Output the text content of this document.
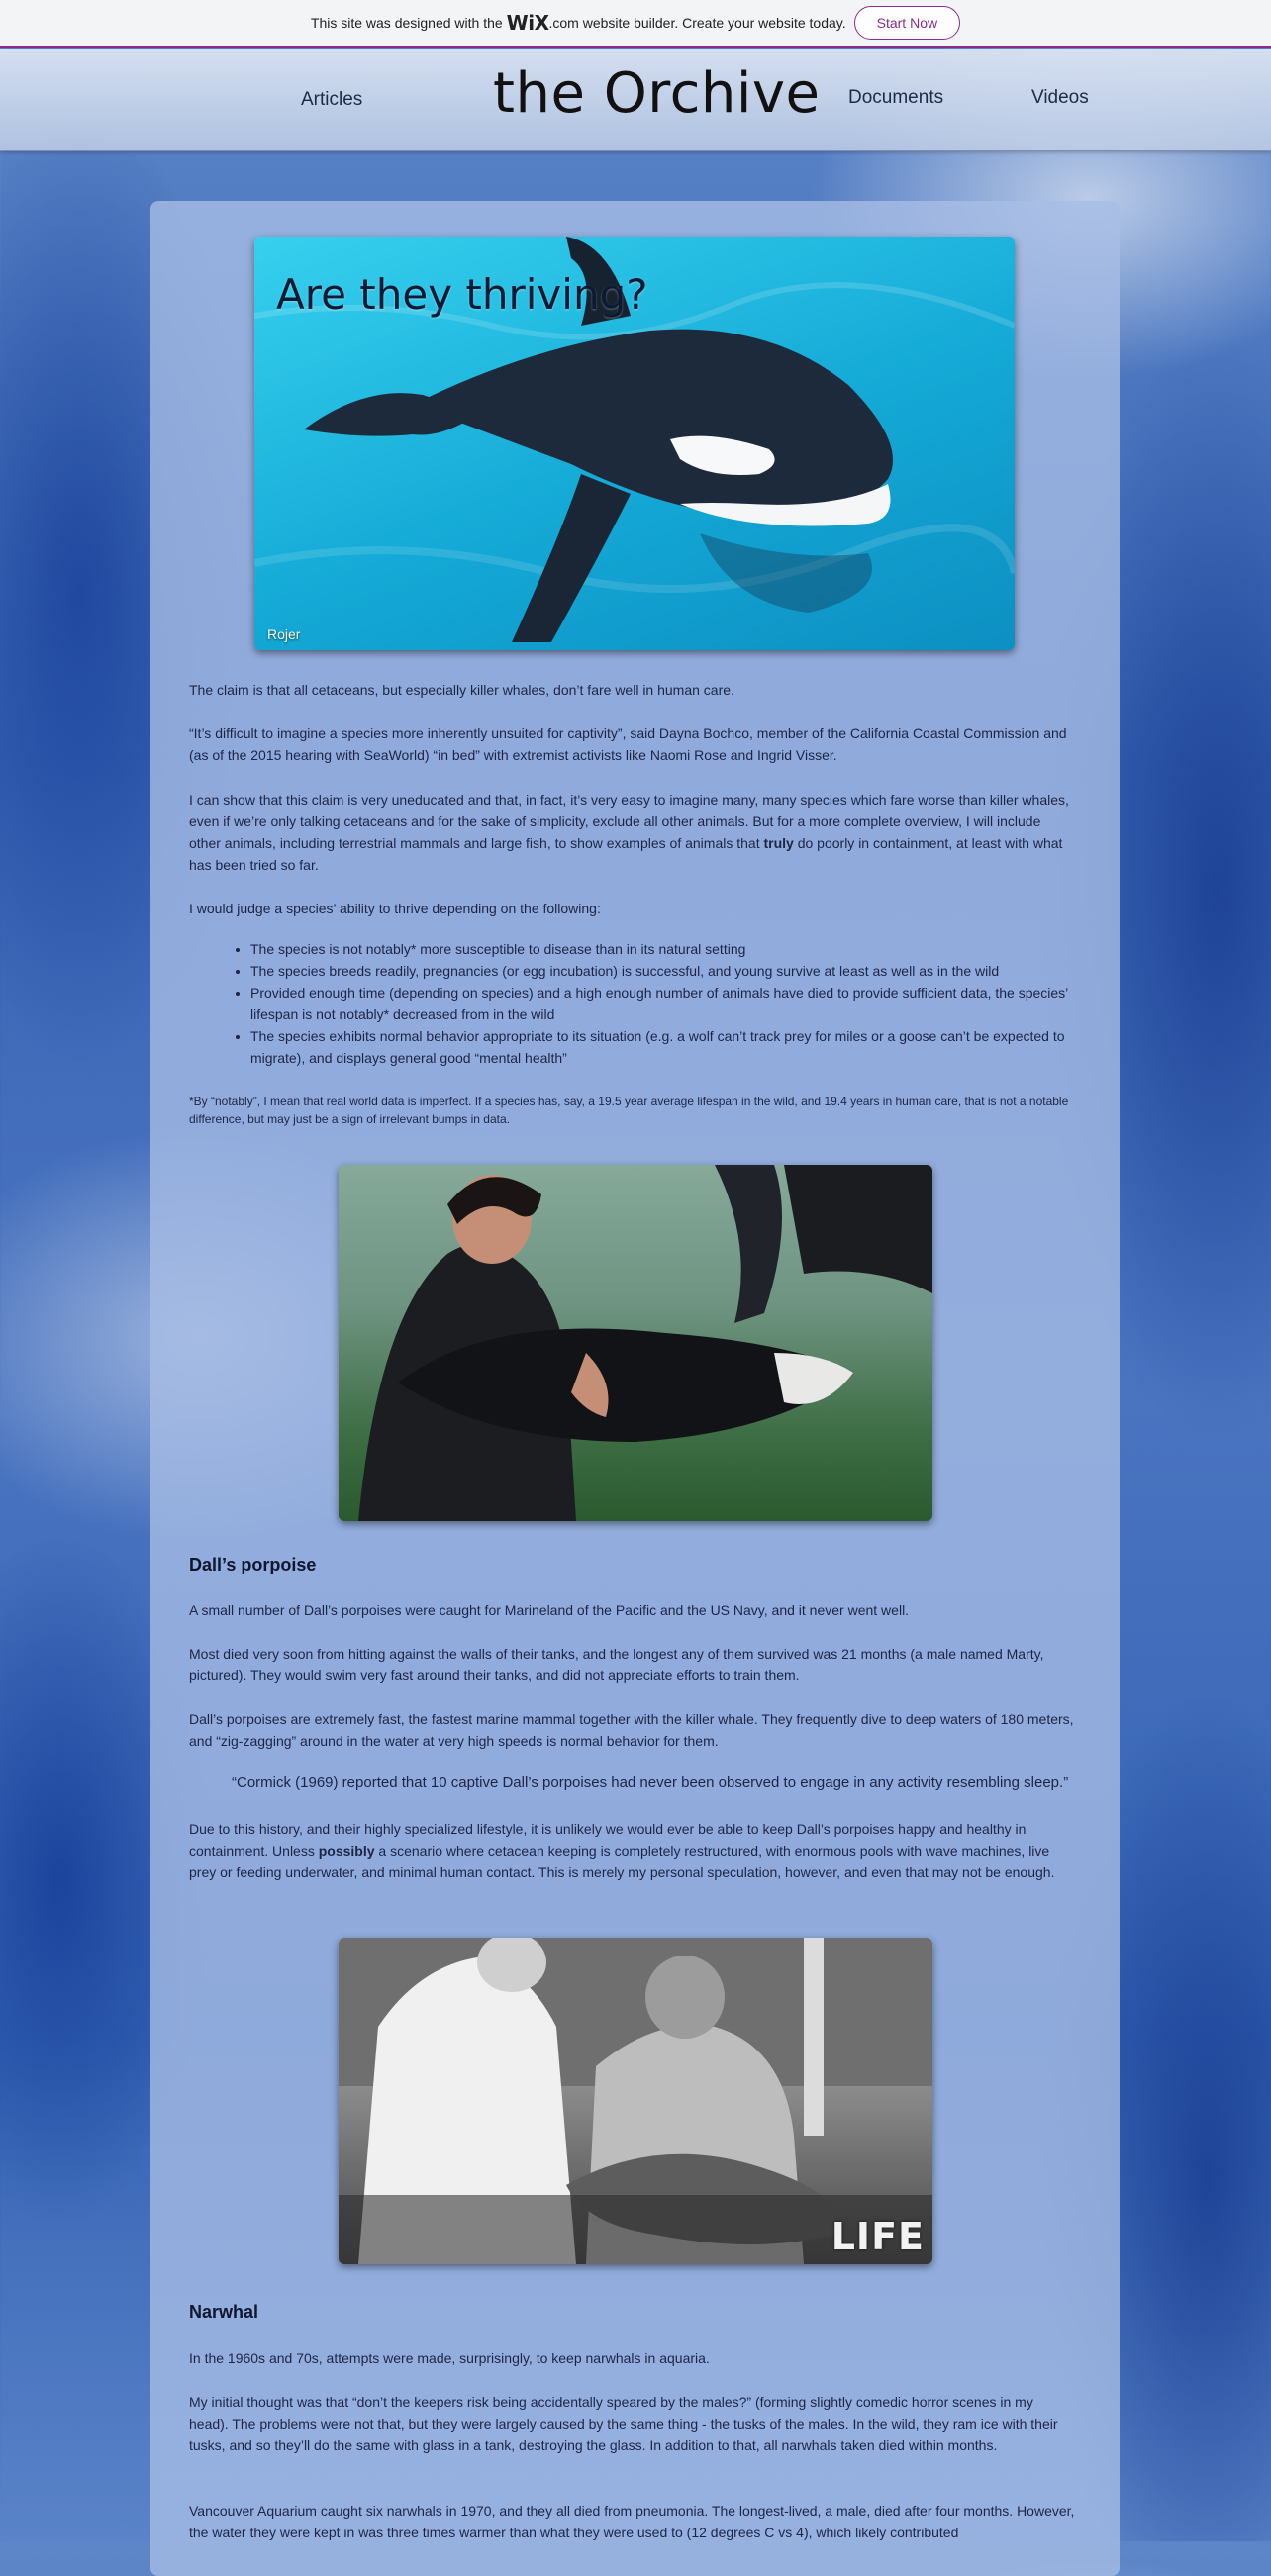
This site was designed with the WiX .com website builder. Create your website today.	Start Now
Articles the Orchive Documents	Videos
Are they thriving?
Rojer

The claim is that all cetaceans, but especially killer whales, don’t fare well in human care.

“It’s difficult to imagine a species more inherently unsuited for captivity”, said Dayna Bochco, member of the California Coastal Commission and (as of the 2015 hearing with SeaWorld) “in bed” with extremist activists like Naomi Rose and Ingrid Visser.

I can show that this claim is very uneducated and that, in fact, it’s very easy to imagine many, many species which fare worse than killer whales, even if we’re only talking cetaceans and for the sake of simplicity, exclude all other animals. But for a more complete overview, I will include other animals, including terrestrial mammals and large fish, to show examples of animals that truly do poorly in containment, at least with what has been tried so far.

I would judge a species’ ability to thrive depending on the following:

• The species is not notably* more susceptible to disease than in its natural setting
• The species breeds readily, pregnancies (or egg incubation) is successful, and young survive at least as well as in the wild
• Provided enough time (depending on species) and a high enough number of animals have died to provide sufficient data, the species’ lifespan is not notably* decreased from in the wild
• The species exhibits normal behavior appropriate to its situation (e.g. a wolf can’t track prey for miles or a goose can’t be expected to migrate), and displays general good “mental health”

*By “notably”, I mean that real world data is imperfect. If a species has, say, a 19.5 year average lifespan in the wild, and 19.4 years in human care, that is not a notable difference, but may just be a sign of irrelevant bumps in data.

Dall’s porpoise

A small number of Dall’s porpoises were caught for Marineland of the Pacific and the US Navy, and it never went well.

Most died very soon from hitting against the walls of their tanks, and the longest any of them survived was 21 months (a male named Marty, pictured). They would swim very fast around their tanks, and did not appreciate efforts to train them.

Dall’s porpoises are extremely fast, the fastest marine mammal together with the killer whale. They frequently dive to deep waters of 180 meters, and “zig-zagging” around in the water at very high speeds is normal behavior for them.

“Cormick (1969) reported that 10 captive Dall’s porpoises had never been observed to engage in any activity resembling sleep.”

Due to this history, and their highly specialized lifestyle, it is unlikely we would ever be able to keep Dall’s porpoises happy and healthy in containment. Unless possibly a scenario where cetacean keeping is completely restructured, with enormous pools with wave machines, live prey or feeding underwater, and minimal human contact. This is merely my personal speculation, however, and even that may not be enough.

LIFE
Narwhal

In the 1960s and 70s, attempts were made, surprisingly, to keep narwhals in aquaria.

My initial thought was that “don’t the keepers risk being accidentally speared by the males?” (forming slightly comedic horror scenes in my head). The problems were not that, but they were largely caused by the same thing - the tusks of the males. In the wild, they ram ice with their tusks, and so they’ll do the same with glass in a tank, destroying the glass. In addition to that, all narwhals taken died within months.

Vancouver Aquarium caught six narwhals in 1970, and they all died from pneumonia. The longest-lived, a male, died after four months. However, the water they were kept in was three times warmer than what they were used to (12 degrees C vs 4), which likely contributed
